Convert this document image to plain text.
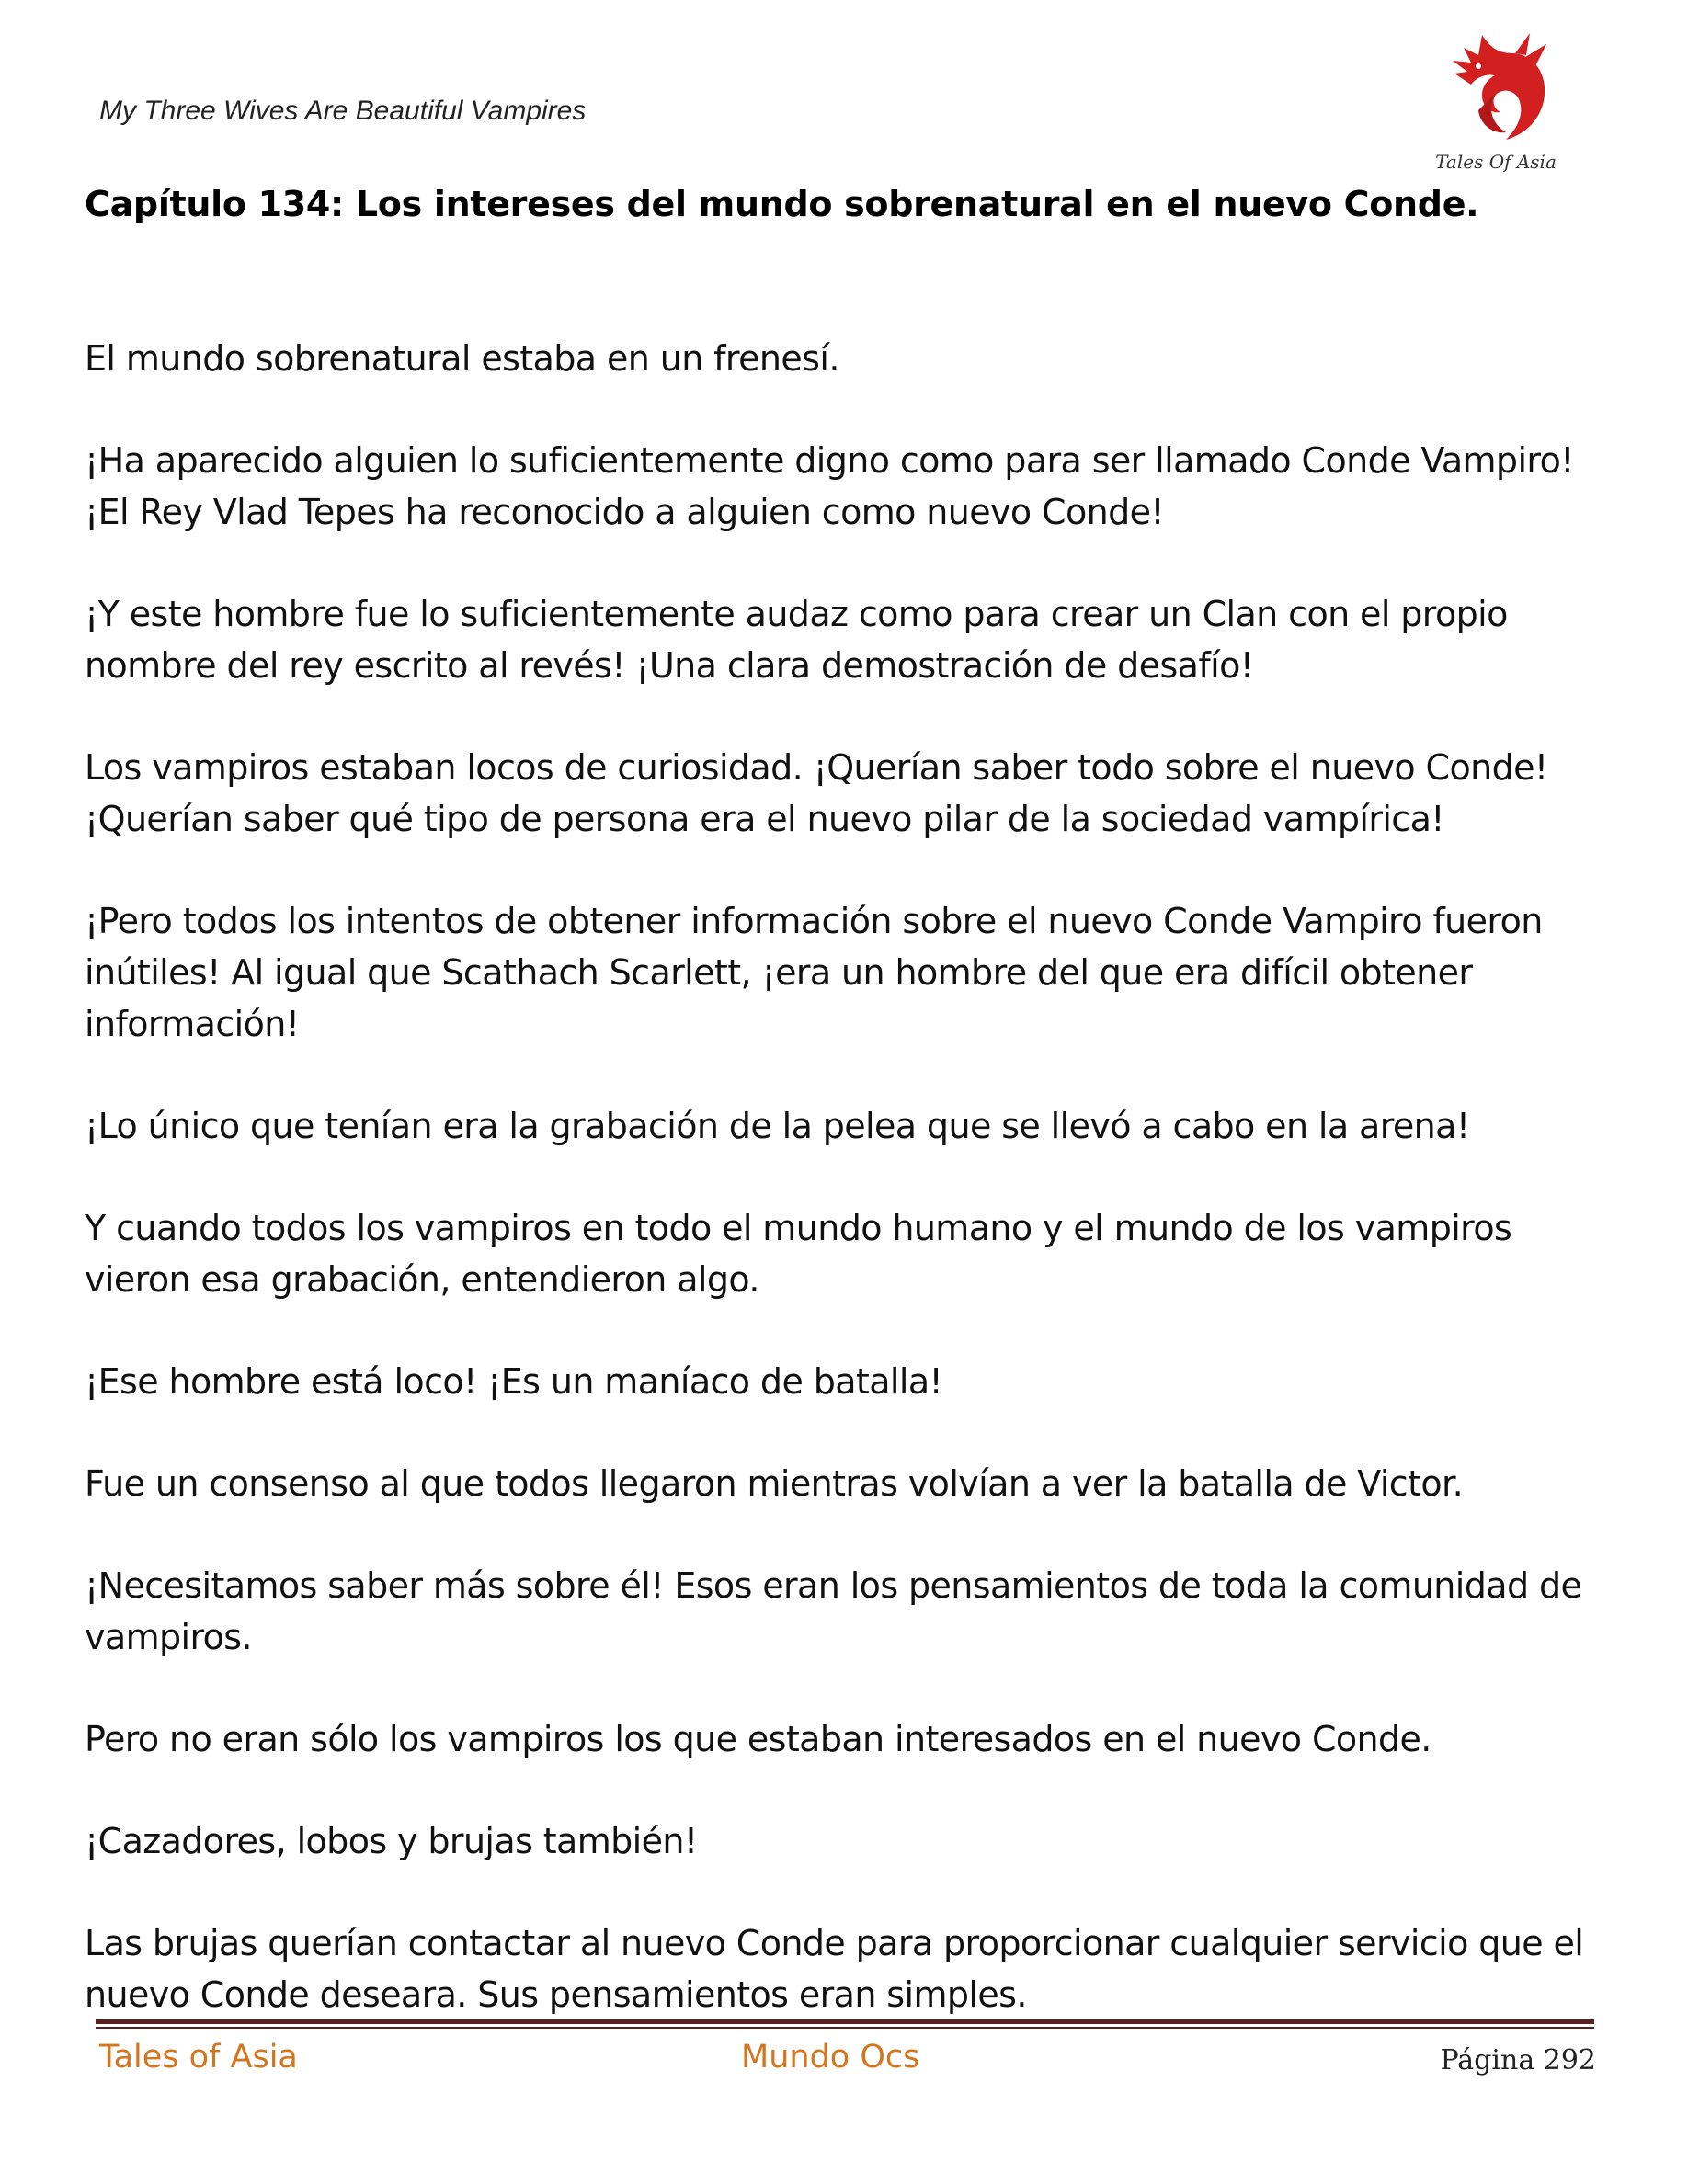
My Three Wives Are Beautiful Vampires
Tales Of Asia
Capítulo 134: Los intereses del mundo sobrenatural en el nuevo Conde.

El mundo sobrenatural estaba en un frenesí.

¡Ha aparecido alguien lo suficientemente digno como para ser llamado Conde Vampiro! ¡El Rey Vlad Tepes ha reconocido a alguien como nuevo Conde!

¡Y este hombre fue lo suficientemente audaz como para crear un Clan con el propio nombre del rey escrito al revés! ¡Una clara demostración de desafío!

Los vampiros estaban locos de curiosidad. ¡Querían saber todo sobre el nuevo Conde! ¡Querían saber qué tipo de persona era el nuevo pilar de la sociedad vampírica!

¡Pero todos los intentos de obtener información sobre el nuevo Conde Vampiro fueron inútiles! Al igual que Scathach Scarlett, ¡era un hombre del que era difícil obtener información!

¡Lo único que tenían era la grabación de la pelea que se llevó a cabo en la arena!

Y cuando todos los vampiros en todo el mundo humano y el mundo de los vampiros vieron esa grabación, entendieron algo.

¡Ese hombre está loco! ¡Es un maníaco de batalla!

Fue un consenso al que todos llegaron mientras volvían a ver la batalla de Victor.

¡Necesitamos saber más sobre él! Esos eran los pensamientos de toda la comunidad de vampiros.

Pero no eran sólo los vampiros los que estaban interesados en el nuevo Conde.

¡Cazadores, lobos y brujas también!

Las brujas querían contactar al nuevo Conde para proporcionar cualquier servicio que el nuevo Conde deseara. Sus pensamientos eran simples.

Tales of Asia	Mundo Ocs	Página 292
